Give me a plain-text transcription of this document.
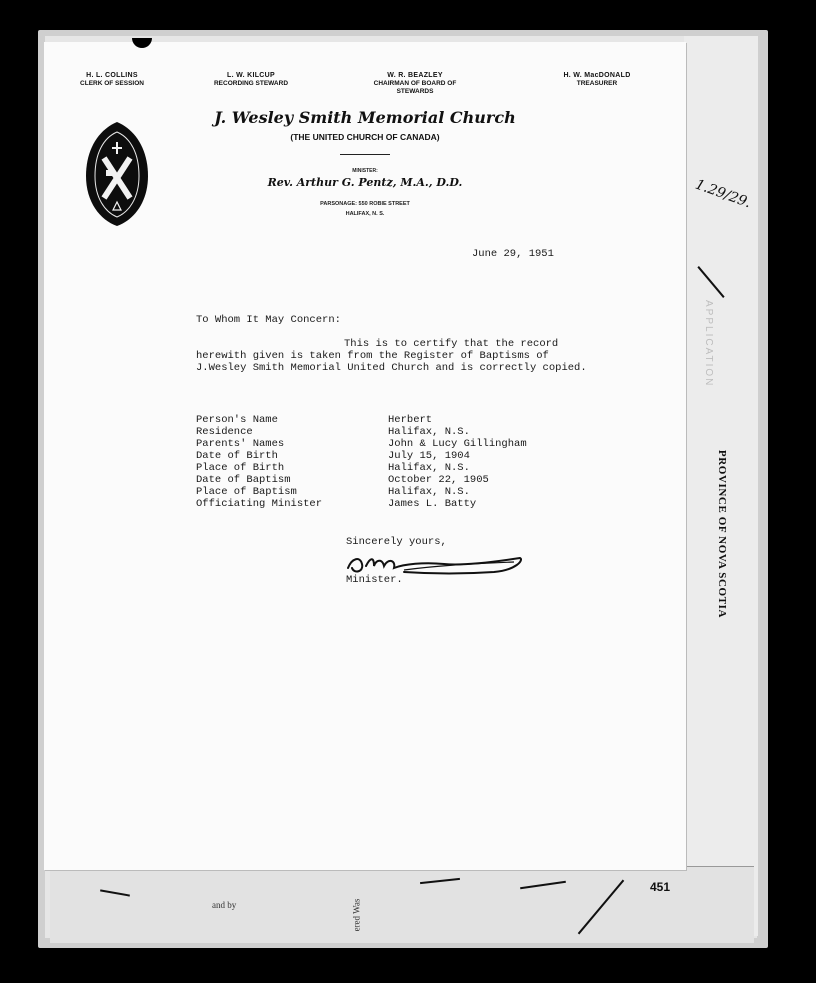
APPLICATION
PROVINCE OF NOVA SCOTIA
1.29/29.
451
and by	ered Was
H. L. COLLINS
CLERK OF SESSION
L. W. KILCUP
RECORDING STEWARD
W. R. BEAZLEY
CHAIRMAN OF BOARD OF STEWARDS
H. W. MacDONALD
TREASURER
J. Wesley Smith Memorial Church
(THE UNITED CHURCH OF CANADA)
MINISTER:
Rev. Arthur G. Pentz, M.A., D.D.
PARSONAGE: 550 ROBIE STREET
HALIFAX, N. S.
June 29, 1951
To Whom It May Concern:
This is to certify that the record
herewith given is taken from the Register of Baptisms of
J.Wesley Smith Memorial United Church and is correctly copied.
Person's Name	Herbert
Residence	Halifax, N.S.
Parents' Names	John & Lucy Gillingham
Date of Birth	July 15, 1904
Place of Birth	Halifax, N.S.
Date of Baptism	October 22, 1905
Place of Baptism	Halifax, N.S.
Officiating Minister	James L. Batty
Sincerely yours,
Minister.
